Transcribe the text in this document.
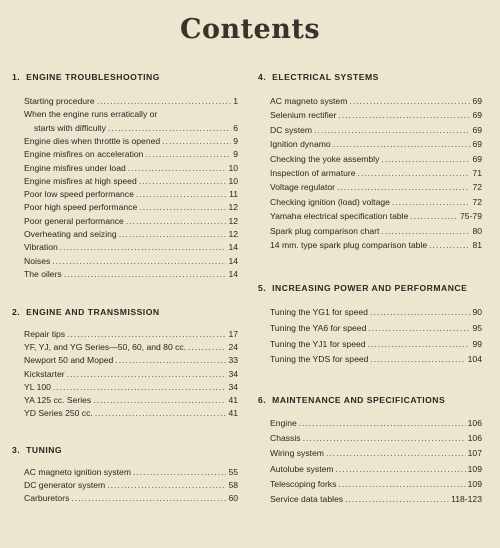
Contents
1. ENGINE TROUBLESHOOTING
Starting procedure .....	1
When the engine runs erratically or
starts with difficulty .....	6
Engine dies when throttle is opened .....	9
Engine misfires on acceleration .....	9
Engine misfires under load .....	10
Engine misfires at high speed .....	10
Poor low speed performance .....	11
Poor high speed performance .....	12
Poor general performance .....	12
Overheating and seizing .....	12
Vibration .....	14
Noises .....	14
The oilers .....	14
2. ENGINE AND TRANSMISSION
Repair tips .....	17
YF, YJ, and YG Series—50, 60, and 80 cc. .....	24
Newport 50 and Moped .....	33
Kickstarter .....	34
YL 100 .....	34
YA 125 cc. Series .....	41
YD Series 250 cc. .....	41
3. TUNING
AC magneto ignition system .....	55
DC generator system .....	58
Carburetors .....	60
4. ELECTRICAL SYSTEMS
AC magneto system .....	69
Selenium rectifier .....	69
DC system .....	69
Ignition dynamo .....	69
Checking the yoke assembly .....	69
Inspection of armature .....	71
Voltage regulator .....	72
Checking ignition (load) voltage .....	72
Yamaha electrical specification table .....	75-79
Spark plug comparison chart .....	80
14 mm. type spark plug comparison table .....	81
5. INCREASING POWER AND PERFORMANCE
Tuning the YG1 for speed .....	90
Tuning the YA6 for speed .....	95
Tuning the YJ1 for speed .....	99
Tuning the YDS for speed .....	104
6. MAINTENANCE AND SPECIFICATIONS
Engine .....	106
Chassis .....	106
Wiring system .....	107
Autolube system .....	109
Telescoping forks .....	109
Service data tables .....	118-123
